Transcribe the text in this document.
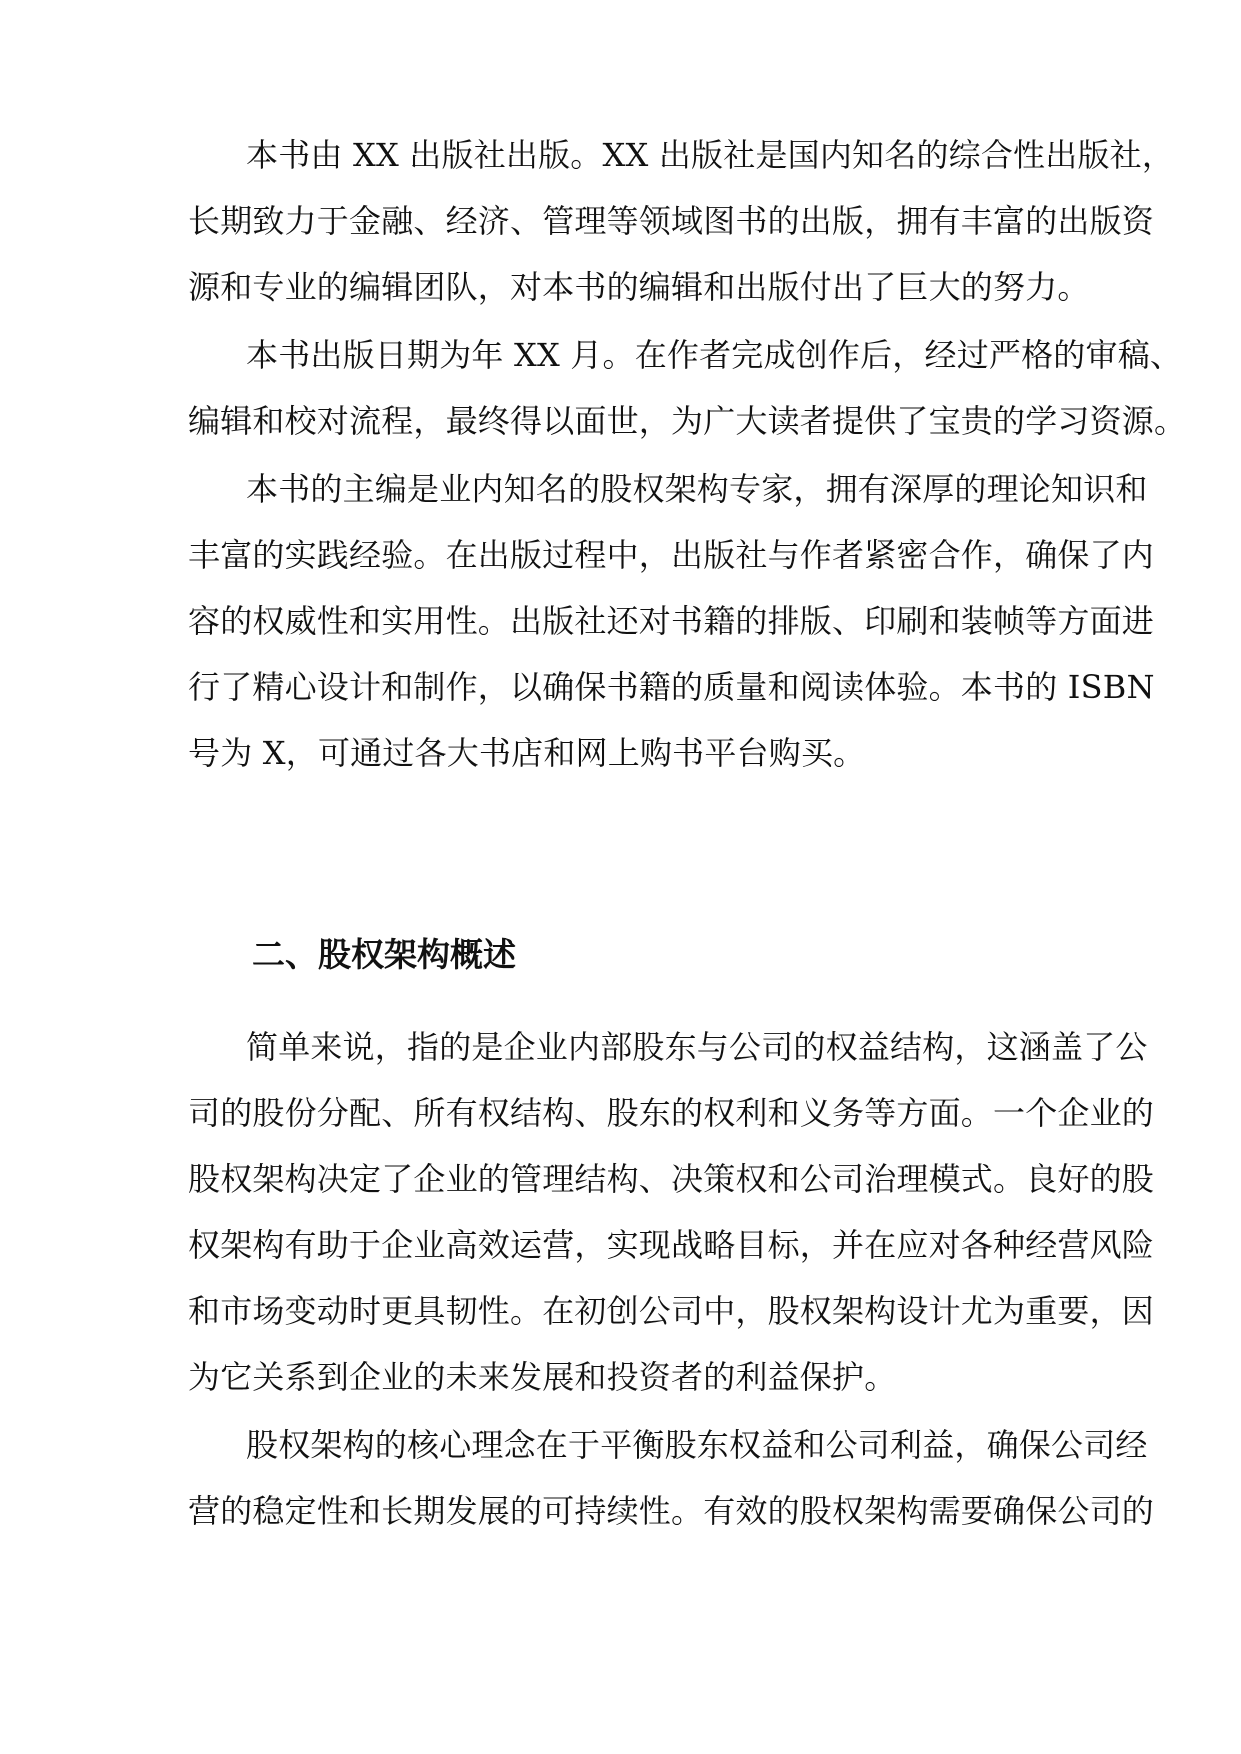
本书由 XX 出版社出版。XX 出版社是国内知名的综合性出版社，
长期致力于金融、经济、管理等领域图书的出版，拥有丰富的出版资
源和专业的编辑团队，对本书的编辑和出版付出了巨大的努力。
本书出版日期为年 XX 月。在作者完成创作后，经过严格的审稿、
编辑和校对流程，最终得以面世，为广大读者提供了宝贵的学习资源。
本书的主编是业内知名的股权架构专家，拥有深厚的理论知识和
丰富的实践经验。在出版过程中，出版社与作者紧密合作，确保了内
容的权威性和实用性。出版社还对书籍的排版、印刷和装帧等方面进
行了精心设计和制作，以确保书籍的质量和阅读体验。本书的 ISBN
号为 X，可通过各大书店和网上购书平台购买。
二、股权架构概述
简单来说，指的是企业内部股东与公司的权益结构，这涵盖了公
司的股份分配、所有权结构、股东的权利和义务等方面。一个企业的
股权架构决定了企业的管理结构、决策权和公司治理模式。良好的股
权架构有助于企业高效运营，实现战略目标，并在应对各种经营风险
和市场变动时更具韧性。在初创公司中，股权架构设计尤为重要，因
为它关系到企业的未来发展和投资者的利益保护。
股权架构的核心理念在于平衡股东权益和公司利益，确保公司经
营的稳定性和长期发展的可持续性。有效的股权架构需要确保公司的
